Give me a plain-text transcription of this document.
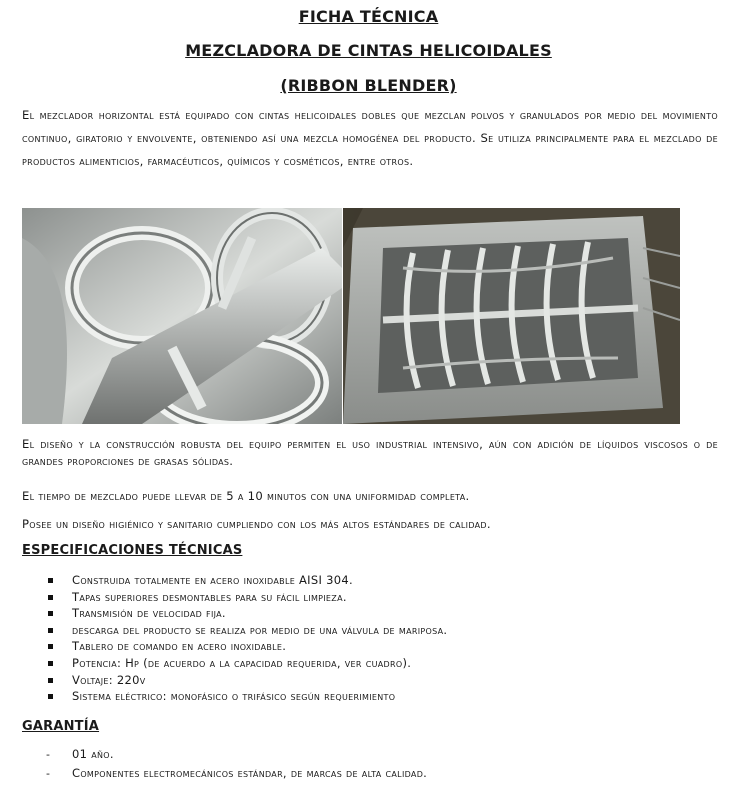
FICHA TÉCNICA
MEZCLADORA DE CINTAS HELICOIDALES
(RIBBON BLENDER)
El mezclador horizontal está equipado con cintas helicoidales dobles que mezclan polvos y granulados por medio del movimiento continuo, giratorio y envolvente, obteniendo así una mezcla homogénea del producto. Se utiliza principalmente para el mezclado de productos alimenticios, farmacéuticos, químicos y cosméticos, entre otros.
El diseño y la construcción robusta del equipo permiten el uso industrial intensivo, aún con adición de líquidos viscosos o de grandes proporciones de grasas sólidas.
El tiempo de mezclado puede llevar de 5 a 10 minutos con una uniformidad completa.
Posee un diseño higiénico y sanitario cumpliendo con los más altos estándares de calidad.
ESPECIFICACIONES TÉCNICAS
Construida totalmente en acero inoxidable AISI 304.
Tapas superiores desmontables para su fácil limpieza.
Transmisión de velocidad fija.
descarga del producto se realiza por medio de una válvula de mariposa.
Tablero de comando en acero inoxidable.
Potencia: Hp (de acuerdo a la capacidad requerida, ver cuadro).
Voltaje: 220v
Sistema eléctrico: monofásico o trifásico según requerimiento
GARANTÍA
- 01 año.
- Componentes electromecánicos estándar, de marcas de alta calidad.
